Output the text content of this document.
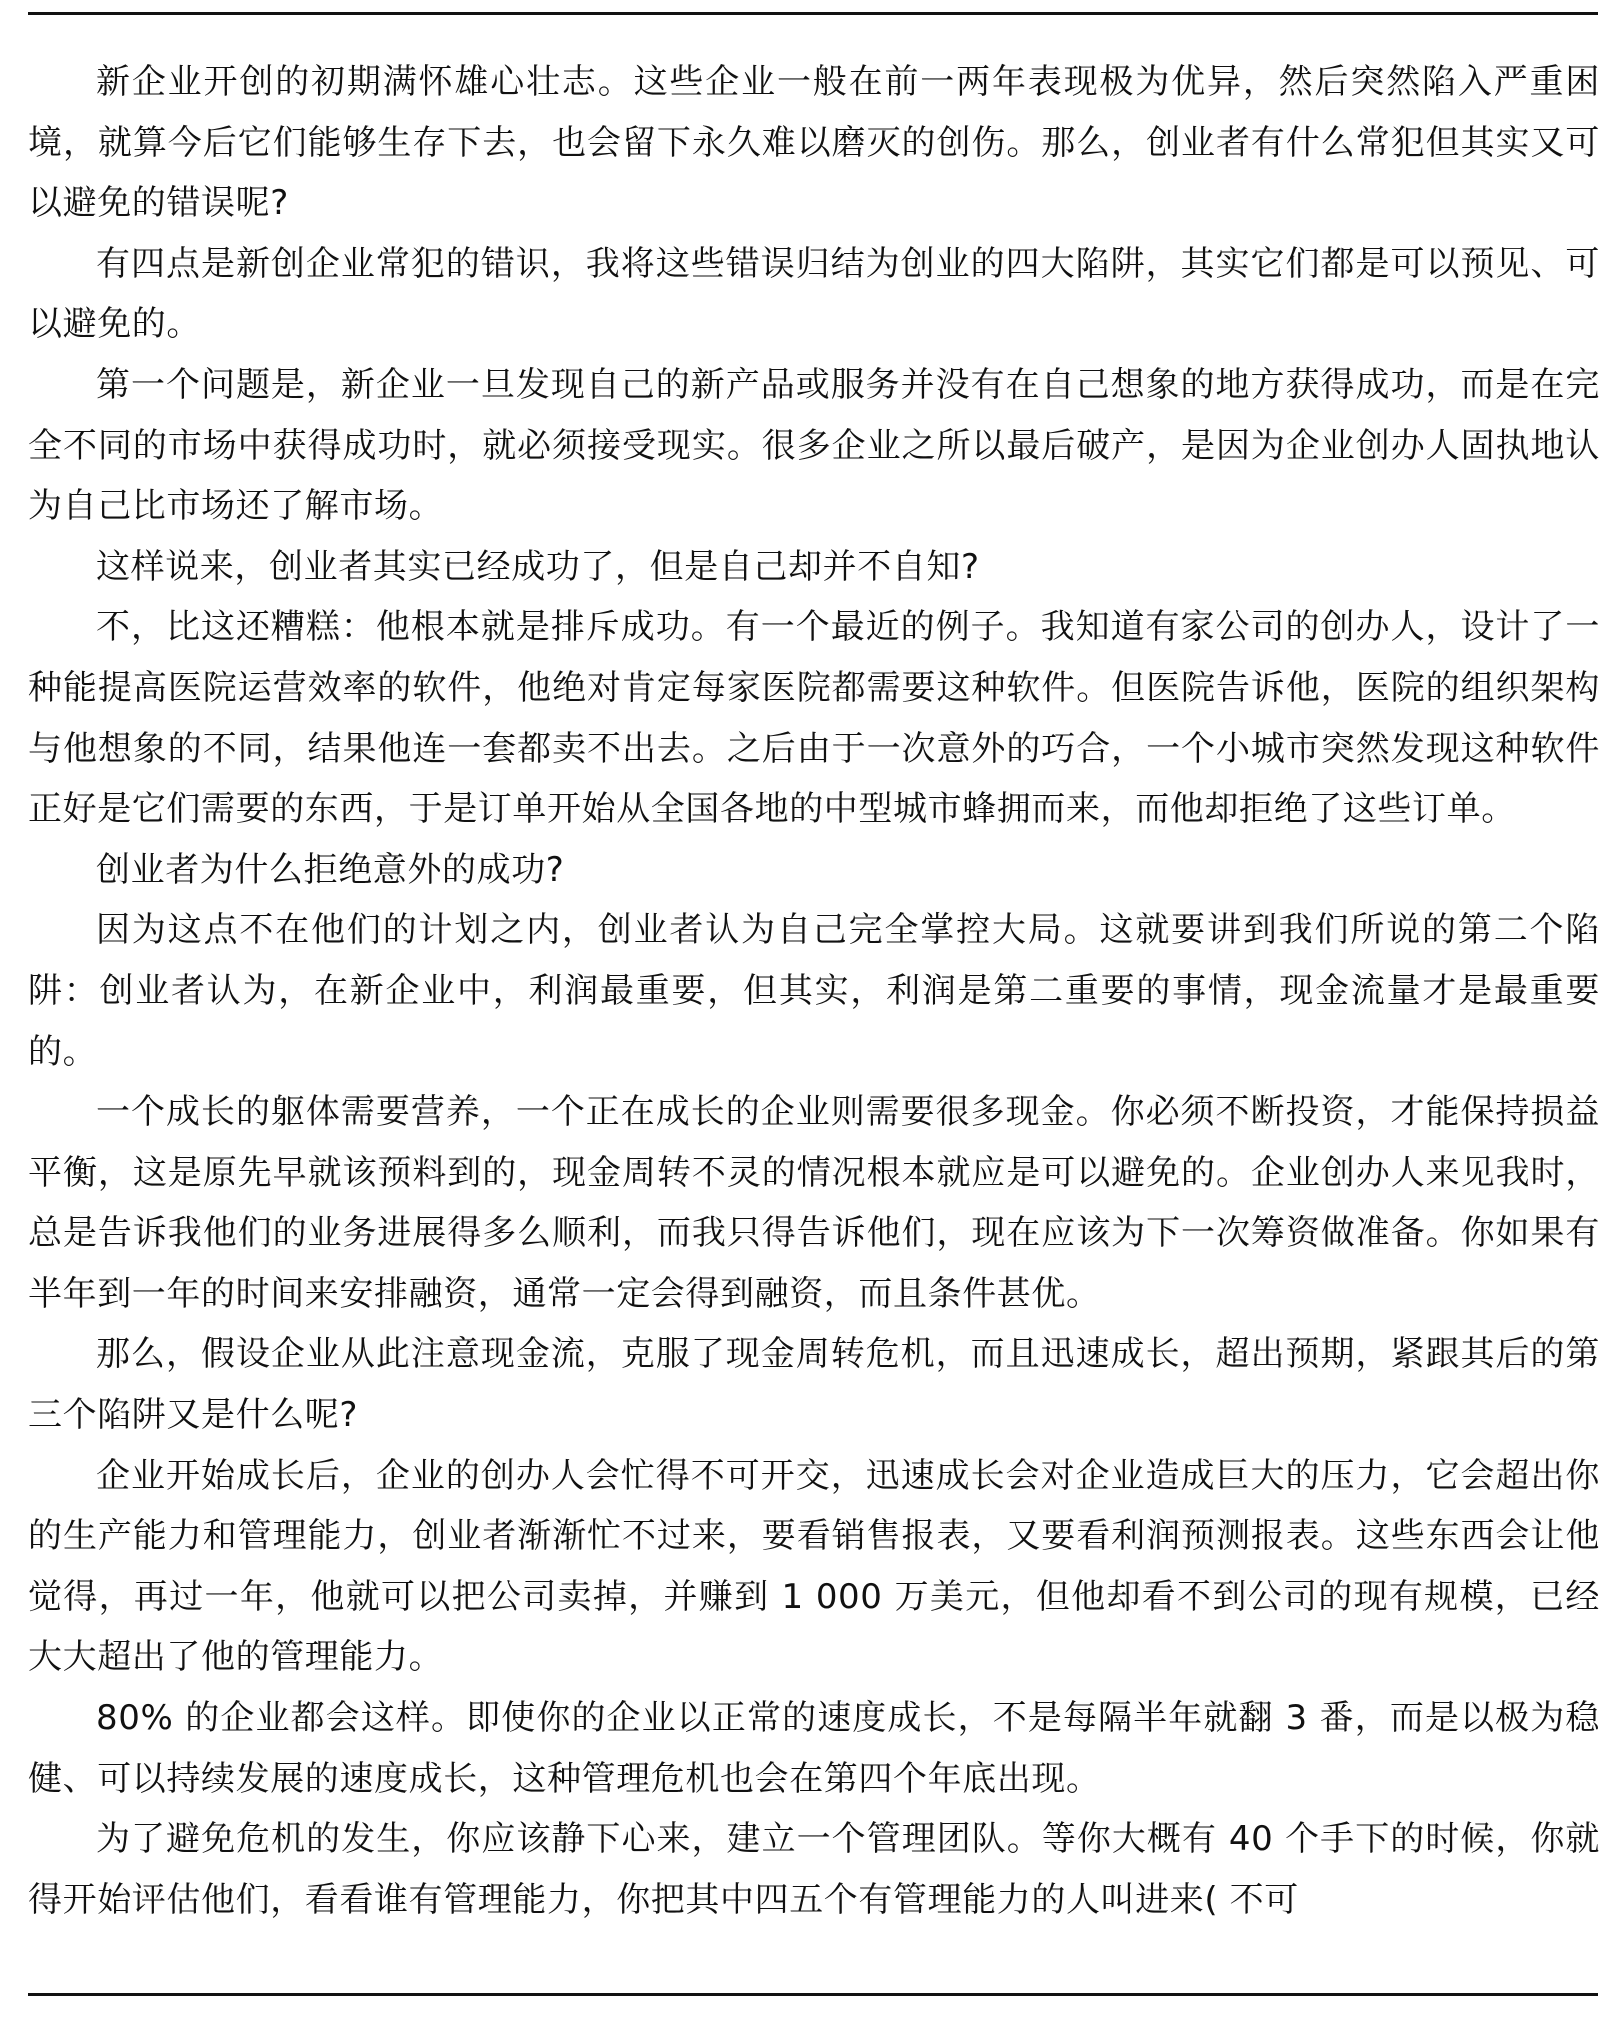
新企业开创的初期满怀雄心壮志。这些企业一般在前一两年表现极为优异，然后突然陷入严重困境，就算今后它们能够生存下去，也会留下永久难以磨灭的创伤。那么，创业者有什么常犯但其实又可以避免的错误呢?

有四点是新创企业常犯的错识，我将这些错误归结为创业的四大陷阱，其实它们都是可以预见、可以避免的。

第一个问题是，新企业一旦发现自己的新产品或服务并没有在自己想象的地方获得成功，而是在完全不同的市场中获得成功时，就必须接受现实。很多企业之所以最后破产，是因为企业创办人固执地认为自己比市场还了解市场。

这样说来，创业者其实已经成功了，但是自己却并不自知?

不，比这还糟糕：他根本就是排斥成功。有一个最近的例子。我知道有家公司的创办人，设计了一种能提高医院运营效率的软件，他绝对肯定每家医院都需要这种软件。但医院告诉他，医院的组织架构与他想象的不同，结果他连一套都卖不出去。之后由于一次意外的巧合，一个小城市突然发现这种软件正好是它们需要的东西，于是订单开始从全国各地的中型城市蜂拥而来，而他却拒绝了这些订单。

创业者为什么拒绝意外的成功?

因为这点不在他们的计划之内，创业者认为自己完全掌控大局。这就要讲到我们所说的第二个陷阱：创业者认为，在新企业中，利润最重要，但其实，利润是第二重要的事情，现金流量才是最重要的。

一个成长的躯体需要营养，一个正在成长的企业则需要很多现金。你必须不断投资，才能保持损益平衡，这是原先早就该预料到的，现金周转不灵的情况根本就应是可以避免的。企业创办人来见我时，总是告诉我他们的业务进展得多么顺利，而我只得告诉他们，现在应该为下一次筹资做准备。你如果有半年到一年的时间来安排融资，通常一定会得到融资，而且条件甚优。

那么，假设企业从此注意现金流，克服了现金周转危机，而且迅速成长，超出预期，紧跟其后的第三个陷阱又是什么呢?

企业开始成长后，企业的创办人会忙得不可开交，迅速成长会对企业造成巨大的压力，它会超出你的生产能力和管理能力，创业者渐渐忙不过来，要看销售报表，又要看利润预测报表。这些东西会让他觉得，再过一年，他就可以把公司卖掉，并赚到 1 000 万美元，但他却看不到公司的现有规模，已经大大超出了他的管理能力。

80% 的企业都会这样。即使你的企业以正常的速度成长，不是每隔半年就翻 3 番，而是以极为稳健、可以持续发展的速度成长，这种管理危机也会在第四个年底出现。

为了避免危机的发生，你应该静下心来，建立一个管理团队。等你大概有 40 个手下的时候，你就得开始评估他们，看看谁有管理能力，你把其中四五个有管理能力的人叫进来( 不可
